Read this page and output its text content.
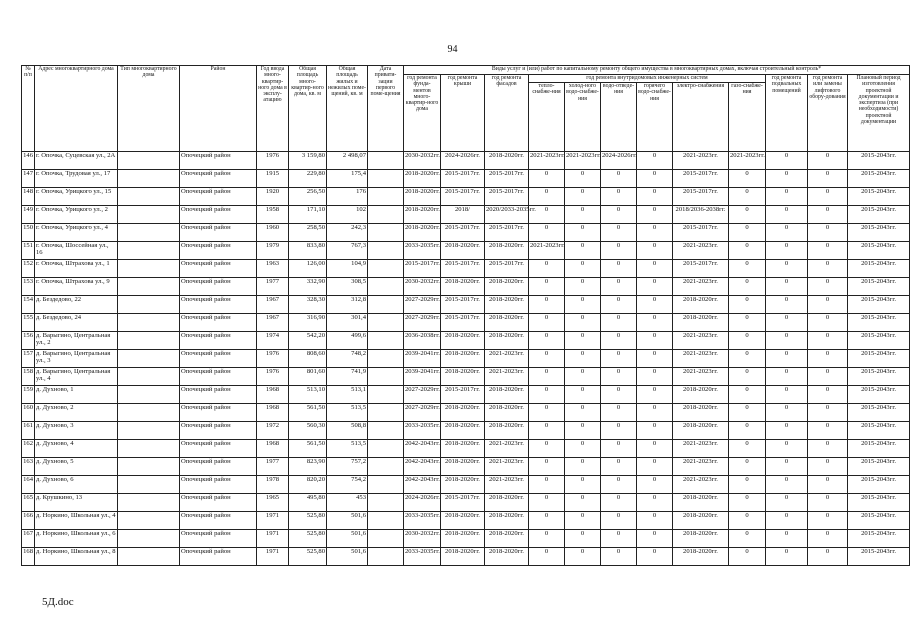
94
№ п/п	Адрес многоквартирного дома	Тип многоквартирного дома	Район	Год ввода много-квартир-ного дома в эксплу-атацию	Общая площадь много-квартир-ного дома, кв. м	Общая площадь жилых и нежилых поме-щений, кв. м	Дата привати-зации первого поме-щения	Виды услуг и (или) работ по капитальному ремонту общего имущества в многоквартирных домах, включая строительный контроль*											
								год ремонта фунда-ментов много-квартир-ного дома	год ремонта крыши	год ремонта фасадов	год ремонта внутридомовых инженерных систем						год ремонта подвальных помещений	год ремонта или замены лифтового обору-дования	Плановый период изготовления проектной документации и экспертиза (при необходимости) проектной документации
											тепло-снабже-ния	холод-ного водо-снабже-ния	водо-отведе-ния	горячего водо-снабже-ния	электро-снабжения	газо-снабже-ния			
146	г. Опочка, Суцевская ул., 2А		Опочецкий район	1976	3 159,80	2 498,07		2030-2032гг.	2024-2026гг.	2018-2020гг.	2021-2023гг.	2021-2023гг.	2024-2026гг.	0	2021-2023гг.	2021-2023гг.	0	0	2015-2043гг.
147	г. Опочка, Трудовая ул., 17		Опочецкий район	1915	229,80	175,4		2018-2020гг.	2015-2017гг.	2015-2017гг.	0	0	0	0	2015-2017гг.	0	0	0	2015-2043гг.
148	г. Опочка, Урицкого ул., 15		Опочецкий район	1920	256,50	176		2018-2020гг.	2015-2017гг.	2015-2017гг.	0	0	0	0	2015-2017гг.	0	0	0	2015-2043гг.
149	г. Опочка, Урицкого ул., 2		Опочецкий район	1958	171,10	102		2018-2020гг.	2018/	2020/2033-2035гг.	0	0	0	0	2018/2036-2038гг.	0	0	0	2015-2043гг.
150	г. Опочка, Урицкого ул., 4		Опочецкий район	1960	258,50	242,3		2018-2020гг.	2015-2017гг.	2015-2017гг.	0	0	0	0	2015-2017гг.	0	0	0	2015-2043гг.
151	г. Опочка, Шоссейная ул., 16		Опочецкий район	1979	833,80	767,3		2033-2035гг.	2018-2020гг.	2018-2020гг.	2021-2023гг.	0	0	0	2021-2023гг.	0	0	0	2015-2043гг.
152	г. Опочка, Штрахова ул., 1		Опочецкий район	1963	126,00	104,9		2015-2017гг.	2015-2017гг.	2015-2017гг.	0	0	0	0	2015-2017гг.	0	0	0	2015-2043гг.
153	г. Опочка, Штрахова ул., 9		Опочецкий район	1977	332,90	308,5		2030-2032гг.	2018-2020гг.	2018-2020гг.	0	0	0	0	2021-2023гг.	0	0	0	2015-2043гг.
154	д. Бездедово, 22		Опочецкий район	1967	328,30	312,8		2027-2029гг.	2015-2017гг.	2018-2020гг.	0	0	0	0	2018-2020гг.	0	0	0	2015-2043гг.
155	д. Бездедово, 24		Опочецкий район	1967	316,90	301,4		2027-2029гг.	2015-2017гг.	2018-2020гг.	0	0	0	0	2018-2020гг.	0	0	0	2015-2043гг.
156	д. Варыгино, Центральная ул., 2		Опочецкий район	1974	542,20	499,6		2036-2038гг.	2018-2020гг.	2018-2020гг.	0	0	0	0	2021-2023гг.	0	0	0	2015-2043гг.
157	д. Варыгино, Центральная ул., 3		Опочецкий район	1976	808,60	748,2		2039-2041гг.	2018-2020гг.	2021-2023гг.	0	0	0	0	2021-2023гг.	0	0	0	2015-2043гг.
158	д. Варыгино, Центральная ул., 4		Опочецкий район	1976	801,60	741,9		2039-2041гг.	2018-2020гг.	2021-2023гг.	0	0	0	0	2021-2023гг.	0	0	0	2015-2043гг.
159	д. Духново, 1		Опочецкий район	1968	513,10	513,1		2027-2029гг.	2015-2017гг.	2018-2020гг.	0	0	0	0	2018-2020гг.	0	0	0	2015-2043гг.
160	д. Духново, 2		Опочецкий район	1968	561,50	513,5		2027-2029гг.	2018-2020гг.	2018-2020гг.	0	0	0	0	2018-2020гг.	0	0	0	2015-2043гг.
161	д. Духново, 3		Опочецкий район	1972	560,30	508,8		2033-2035гг.	2018-2020гг.	2018-2020гг.	0	0	0	0	2018-2020гг.	0	0	0	2015-2043гг.
162	д. Духново, 4		Опочецкий район	1968	561,50	513,5		2042-2043гг.	2018-2020гг.	2021-2023гг.	0	0	0	0	2021-2023гг.	0	0	0	2015-2043гг.
163	д. Духново, 5		Опочецкий район	1977	823,90	757,2		2042-2043гг.	2018-2020гг.	2021-2023гг.	0	0	0	0	2021-2023гг.	0	0	0	2015-2043гг.
164	д. Духново, 6		Опочецкий район	1978	820,20	754,2		2042-2043гг.	2018-2020гг.	2021-2023гг.	0	0	0	0	2021-2023гг.	0	0	0	2015-2043гг.
165	д. Крушкино, 13		Опочецкий район	1965	495,80	453		2024-2026гг.	2015-2017гг.	2018-2020гг.	0	0	0	0	2018-2020гг.	0	0	0	2015-2043гг.
166	д. Норкино, Школьная ул., 4		Опочецкий район	1971	525,80	501,6		2033-2035гг.	2018-2020гг.	2018-2020гг.	0	0	0	0	2018-2020гг.	0	0	0	2015-2043гг.
167	д. Норкино, Школьная ул., 6		Опочецкий район	1971	525,80	501,6		2030-2032гг.	2018-2020гг.	2018-2020гг.	0	0	0	0	2018-2020гг.	0	0	0	2015-2043гг.
168	д. Норкино, Школьная ул., 8		Опочецкий район	1971	525,80	501,6		2033-2035гг.	2018-2020гг.	2018-2020гг.	0	0	0	0	2018-2020гг.	0	0	0	2015-2043гг.
5Д.doc
